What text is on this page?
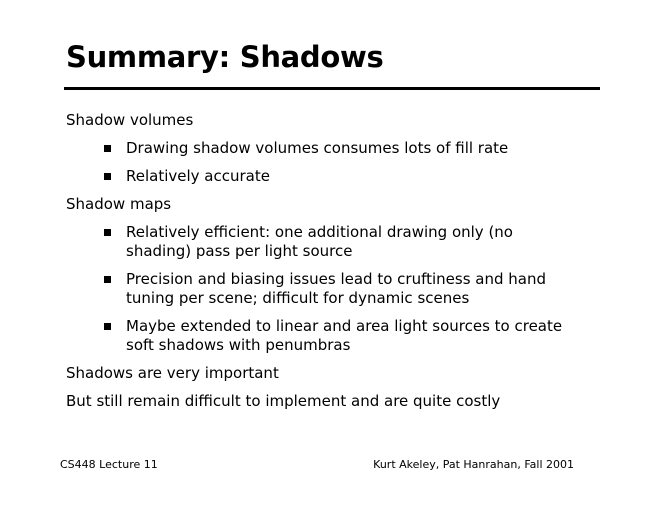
Summary: Shadows
Shadow volumes
Drawing shadow volumes consumes lots of fill rate
Relatively accurate
Shadow maps
Relatively efficient: one additional drawing only (no
shading) pass per light source
Precision and biasing issues lead to cruftiness and hand
tuning per scene; difficult for dynamic scenes
Maybe extended to linear and area light sources to create
soft shadows with penumbras
Shadows are very important
But still remain difficult to implement and are quite costly
CS448 Lecture 11	Kurt Akeley, Pat Hanrahan, Fall 2001
